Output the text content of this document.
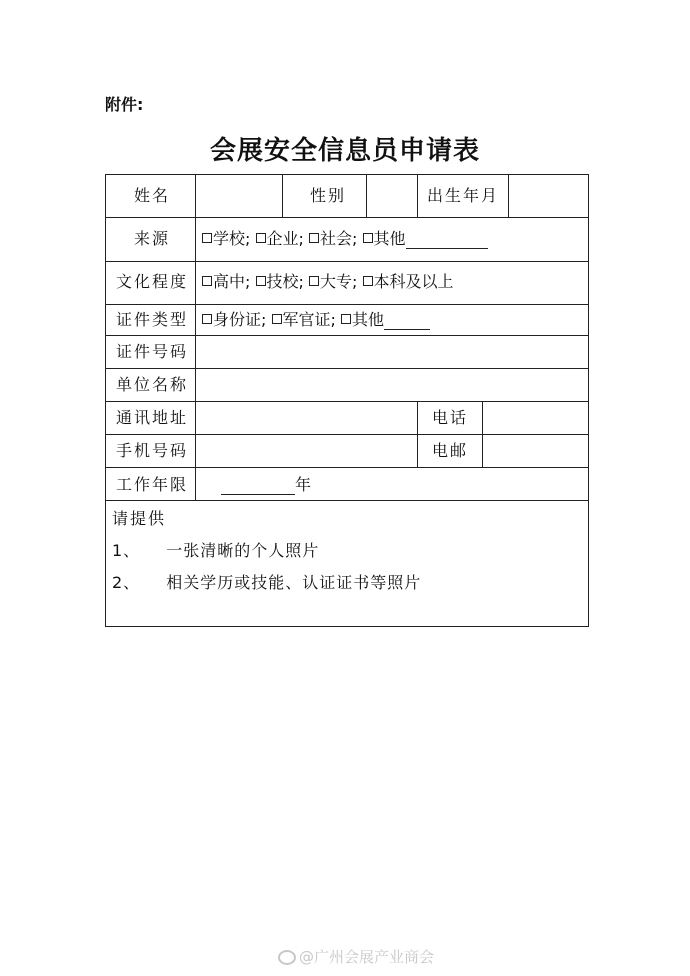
附件:
会展安全信息员申请表
姓名	性别	出生年月
来源	学校; 企业; 社会; 其他
文化程度	高中; 技校; 大专; 本科及以上
证件类型	身份证; 军官证; 其他
证件号码
单位名称
通讯地址	电话
手机号码	电邮
工作年限	年
请提供
1、 一张清晰的个人照片
2、 相关学历或技能、认证证书等照片
@广州会展产业商会
